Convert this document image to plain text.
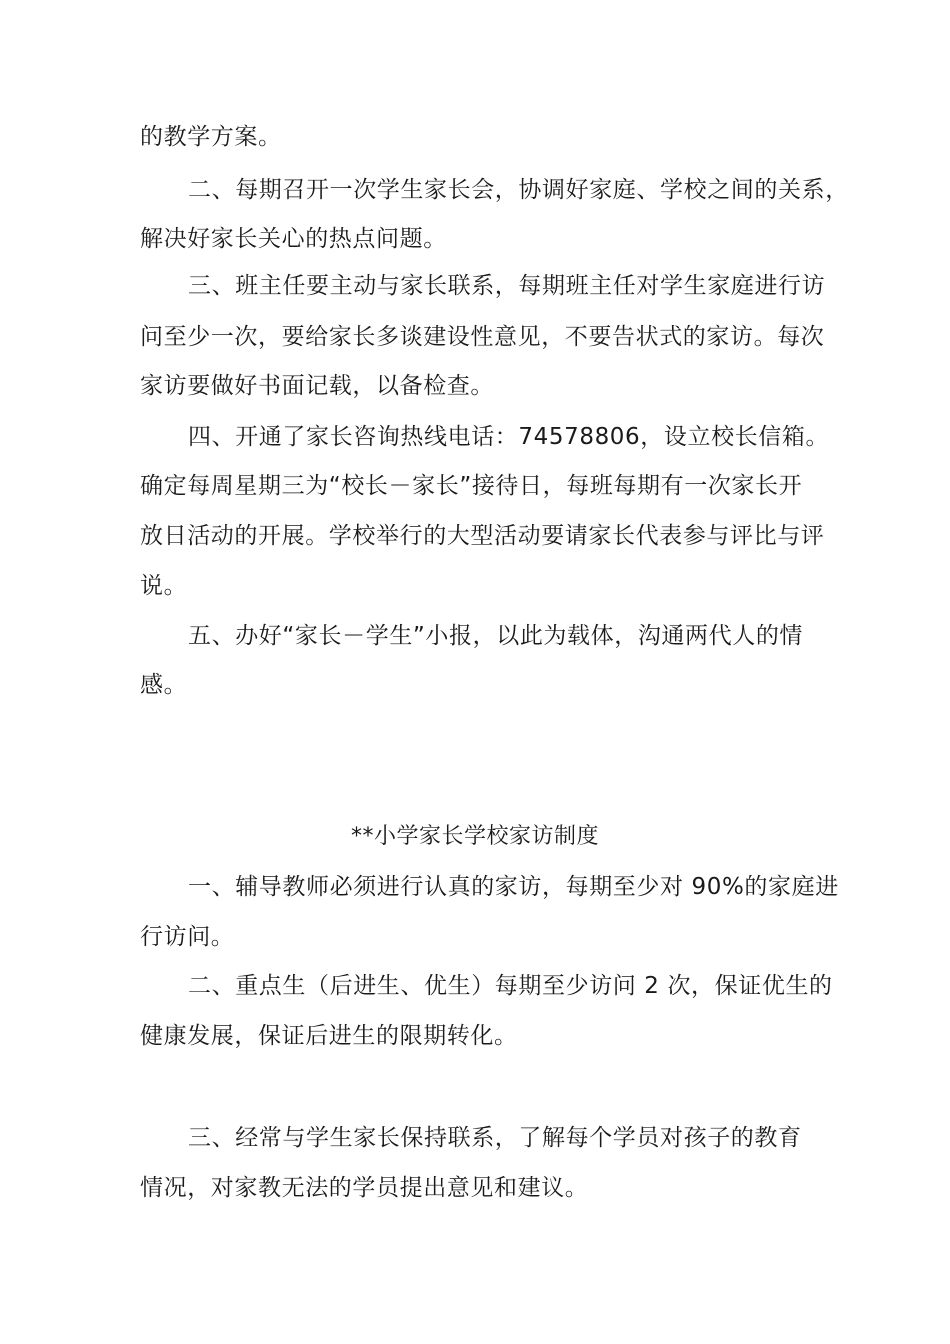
的教学方案。
二、每期召开一次学生家长会，协调好家庭、学校之间的关系，
解决好家长关心的热点问题。
三、班主任要主动与家长联系，每期班主任对学生家庭进行访
问至少一次，要给家长多谈建设性意见，不要告状式的家访。每次
家访要做好书面记载，以备检查。
四、开通了家长咨询热线电话：74578806，设立校长信箱。
确定每周星期三为“校长－家长”接待日，每班每期有一次家长开
放日活动的开展。学校举行的大型活动要请家长代表参与评比与评
说。
五、办好“家长－学生”小报，以此为载体，沟通两代人的情
感。
**小学家长学校家访制度
一、辅导教师必须进行认真的家访，每期至少对 90%的家庭进
行访问。
二、重点生（后进生、优生）每期至少访问 2 次，保证优生的
健康发展，保证后进生的限期转化。
三、经常与学生家长保持联系，了解每个学员对孩子的教育
情况，对家教无法的学员提出意见和建议。
